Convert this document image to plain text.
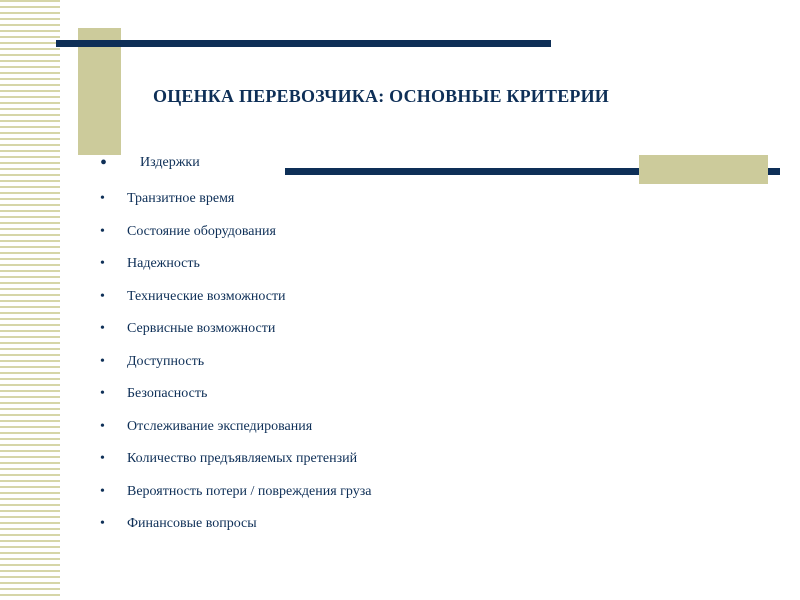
ОЦЕНКА ПЕРЕВОЗЧИКА: ОСНОВНЫЕ КРИТЕРИИ
• Издержки
• Транзитное время
• Состояние оборудования
• Надежность
• Технические возможности
• Сервисные возможности
• Доступность
• Безопасность
• Отслеживание экспедирования
• Количество предъявляемых претензий
• Вероятность потери / повреждения груза
• Финансовые вопросы
